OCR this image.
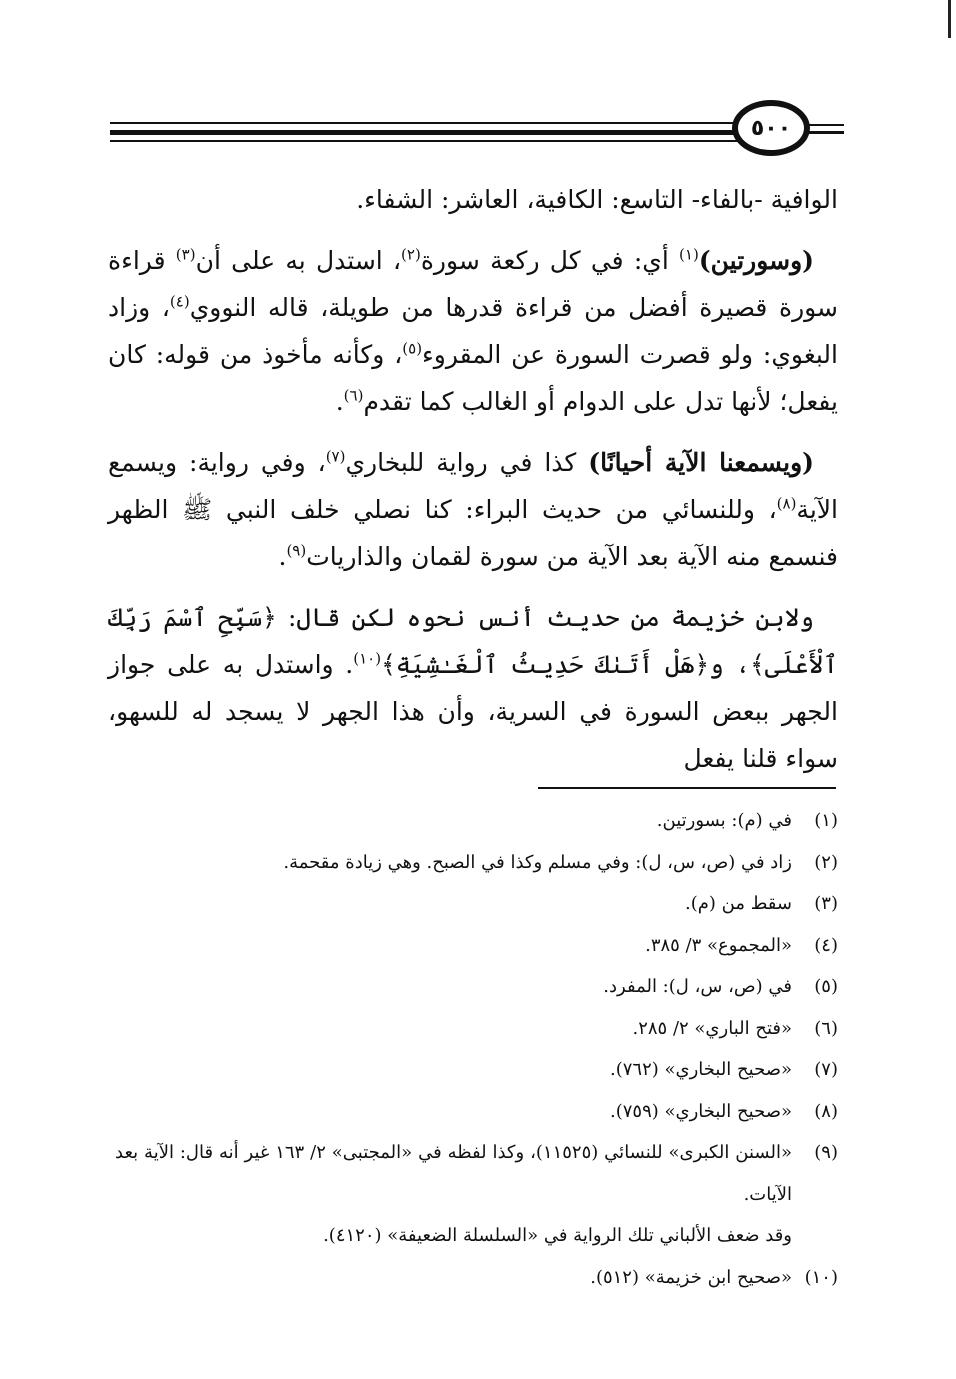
٥٠٠

الوافية -بالفاء- التاسع: الكافية، العاشر: الشفاء.

(وسورتين)$^{(١)}$ أي: في كل ركعة سورة$^{(٢)}$، استدل به على أن$^{(٣)}$ قراءة سورة قصيرة أفضل من قراءة قدرها من طويلة، قاله النووي$^{(٤)}$، وزاد البغوي: ولو قصرت السورة عن المقروء$^{(٥)}$، وكأنه مأخوذ من قوله: كان يفعل؛ لأنها تدل على الدوام أو الغالب كما تقدم$^{(٦)}$.

(ويسمعنا الآية أحيانًا) كذا في رواية للبخاري$^{(٧)}$، وفي رواية: ويسمع الآية$^{(٨)}$، وللنسائي من حديث البراء: كنا نصلي خلف النبي ﷺ الظهر فنسمع منه الآية بعد الآية من سورة لقمان والذاريات$^{(٩)}$.

ولابن خزيمة من حديث أنس نحوه لكن قال: ﴿سَبِّحِ ٱسْمَ رَبِّكَ ٱلْأَعْلَى﴾، و﴿هَلْ أَتَىٰكَ حَدِيثُ ٱلْغَـٰشِيَةِ﴾$^{(١٠)}$. واستدل به على جواز الجهر ببعض السورة في السرية، وأن هذا الجهر لا يسجد له للسهو، سواء قلنا يفعل

(١)
في (م): بسورتين.
(٢)
زاد في (ص، س، ل): وفي مسلم وكذا في الصبح. وهي زيادة مقحمة.
(٣)
سقط من (م).
(٤)
«المجموع» ٣/ ٣٨٥.
(٥)
في (ص، س، ل): المفرد.
(٦)
«فتح الباري» ٢/ ٢٨٥.
(٧)
«صحيح البخاري» (٧٦٢).
(٨)
«صحيح البخاري» (٧٥٩).
(٩)
«السنن الكبرى» للنسائي (١١٥٢٥)، وكذا لفظه في «المجتبى» ٢/ ١٦٣ غير أنه قال: الآية بعد الآيات.
وقد ضعف الألباني تلك الرواية في «السلسلة الضعيفة» (٤١٢٠).
(١٠)
«صحيح ابن خزيمة» (٥١٢).
